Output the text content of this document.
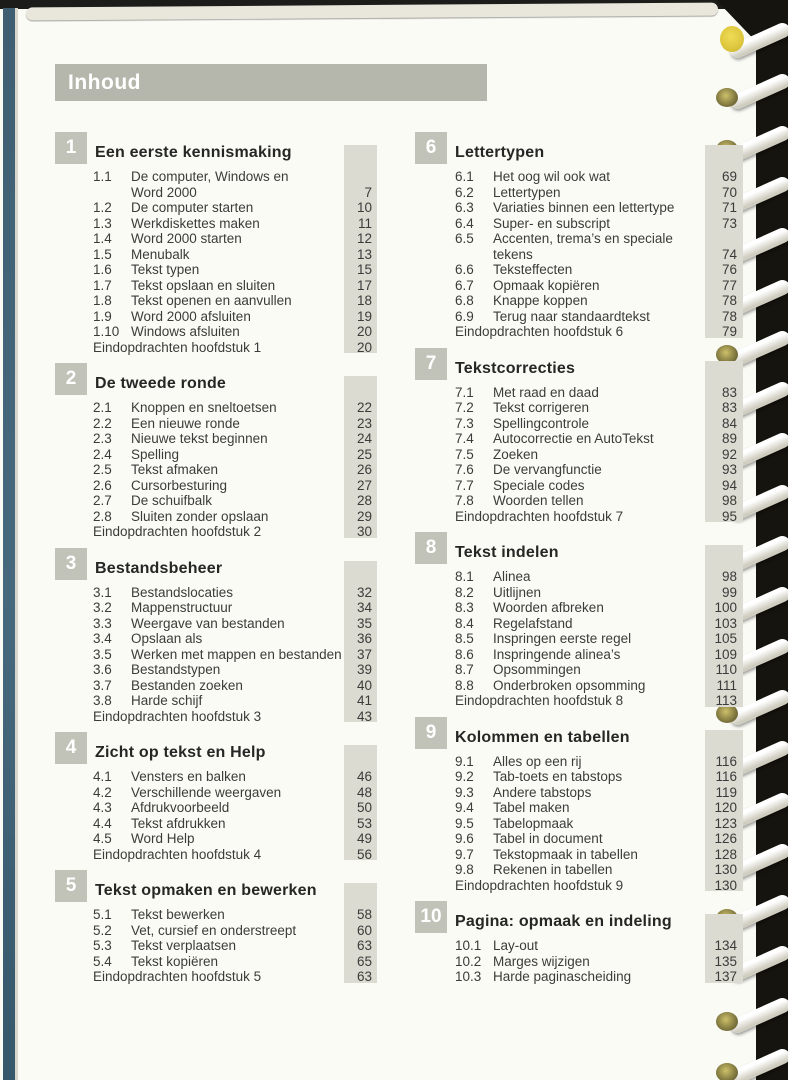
Inhoud
1	Een eerste kennismaking
1.1	De computer, Windows en
Word 2000	7
1.2	De computer starten	10
1.3	Werkdiskettes maken	11
1.4	Word 2000 starten	12
1.5	Menubalk	13
1.6	Tekst typen	15
1.7	Tekst opslaan en sluiten	17
1.8	Tekst openen en aanvullen	18
1.9	Word 2000 afsluiten	19
1.10 Windows afsluiten	20
Eindopdrachten hoofdstuk 1	20
2	De tweede ronde
2.1	Knoppen en sneltoetsen	22
2.2	Een nieuwe ronde	23
2.3	Nieuwe tekst beginnen	24
2.4	Spelling	25
2.5	Tekst afmaken	26
2.6	Cursorbesturing	27
2.7	De schuifbalk	28
2.8	Sluiten zonder opslaan	29
Eindopdrachten hoofdstuk 2	30
3	Bestandsbeheer
3.1	Bestandslocaties	32
3.2	Mappenstructuur	34
3.3	Weergave van bestanden	35
3.4	Opslaan als	36
3.5	Werken met mappen en bestanden	37
3.6	Bestandstypen	39
3.7	Bestanden zoeken	40
3.8	Harde schijf	41
Eindopdrachten hoofdstuk 3	43
4	Zicht op tekst en Help
4.1	Vensters en balken	46
4.2	Verschillende weergaven	48
4.3	Afdrukvoorbeeld	50
4.4	Tekst afdrukken	53
4.5	Word Help	49
Eindopdrachten hoofdstuk 4	56
5	Tekst opmaken en bewerken
5.1	Tekst bewerken	58
5.2	Vet, cursief en onderstreept	60
5.3	Tekst verplaatsen	63
5.4	Tekst kopiëren	65
Eindopdrachten hoofdstuk 5	63
6	Lettertypen
6.1	Het oog wil ook wat	69
6.2	Lettertypen	70
6.3	Variaties binnen een lettertype	71
6.4	Super- en subscript	73
6.5	Accenten, trema’s en speciale
tekens	74
6.6	Teksteffecten	76
6.7	Opmaak kopiëren	77
6.8	Knappe koppen	78
6.9	Terug naar standaardtekst	78
Eindopdrachten hoofdstuk 6	79
7	Tekstcorrecties
7.1	Met raad en daad	83
7.2	Tekst corrigeren	83
7.3	Spellingcontrole	84
7.4	Autocorrectie en AutoTekst	89
7.5	Zoeken	92
7.6	De vervangfunctie	93
7.7	Speciale codes	94
7.8	Woorden tellen	98
Eindopdrachten hoofdstuk 7	95
8	Tekst indelen
8.1	Alinea	98
8.2	Uitlijnen	99
8.3	Woorden afbreken	100
8.4	Regelafstand	103
8.5	Inspringen eerste regel	105
8.6	Inspringende alinea’s	109
8.7	Opsommingen	110
8.8	Onderbroken opsomming	111
Eindopdrachten hoofdstuk 8	113
9	Kolommen en tabellen
9.1	Alles op een rij	116
9.2	Tab-toets en tabstops	116
9.3	Andere tabstops	119
9.4	Tabel maken	120
9.5	Tabelopmaak	123
9.6	Tabel in document	126
9.7	Tekstopmaak in tabellen	128
9.8	Rekenen in tabellen	130
Eindopdrachten hoofdstuk 9	130
10 Pagina: opmaak en indeling
10.1 Lay-out	134
10.2 Marges wijzigen	135
10.3 Harde paginascheiding	137
